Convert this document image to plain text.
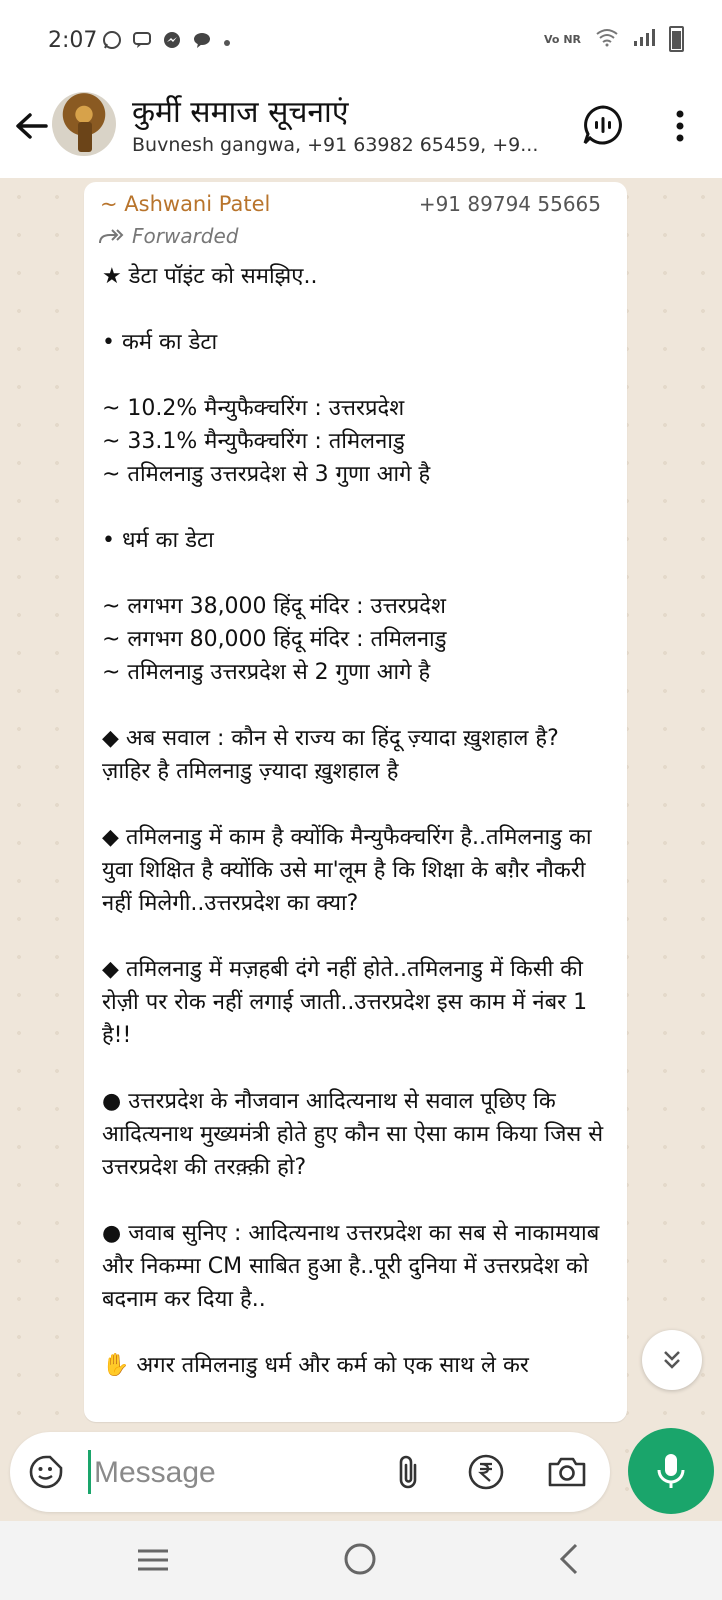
2:07	Vo NR
कुर्मी समाज सूचनाएं
Buvnesh gangwa, +91 63982 65459, +9...
~ Ashwani Patel	+91 89794 55665
Forwarded
★ डेटा पॉइंट को समझिए..

• कर्म का डेटा

~ 10.2% मैन्युफैक्चरिंग : उत्तरप्रदेश
~ 33.1% मैन्युफैक्चरिंग : तमिलनाडु
~ तमिलनाडु उत्तरप्रदेश से 3 गुणा आगे है

• धर्म का डेटा

~ लगभग 38,000 हिंदू मंदिर : उत्तरप्रदेश
~ लगभग 80,000 हिंदू मंदिर : तमिलनाडु
~ तमिलनाडु उत्तरप्रदेश से 2 गुणा आगे है

◆ अब सवाल : कौन से राज्य का हिंदू ज़्यादा ख़ुशहाल है?
ज़ाहिर है तमिलनाडु ज़्यादा ख़ुशहाल है

◆ तमिलनाडु में काम है क्योंकि मैन्युफैक्चरिंग है..तमिलनाडु का युवा शिक्षित है क्योंकि उसे मा'लूम है कि शिक्षा के बग़ैर नौकरी नहीं मिलेगी..उत्तरप्रदेश का क्या?

◆ तमिलनाडु में मज़हबी दंगे नहीं होते..तमिलनाडु में किसी की रोज़ी पर रोक नहीं लगाई जाती..उत्तरप्रदेश इस काम में नंबर 1 है!!

● उत्तरप्रदेश के नौजवान आदित्यनाथ से सवाल पूछिए कि आदित्यनाथ मुख्यमंत्री होते हुए कौन सा ऐसा काम किया जिस से उत्तरप्रदेश की तरक़्क़ी हो?

● जवाब सुनिए : आदित्यनाथ उत्तरप्रदेश का सब से नाकामयाब और निकम्मा CM साबित हुआ है..पूरी दुनिया में उत्तरप्रदेश को बदनाम कर दिया है..

✋ अगर तमिलनाडु धर्म और कर्म को एक साथ ले कर
Message
